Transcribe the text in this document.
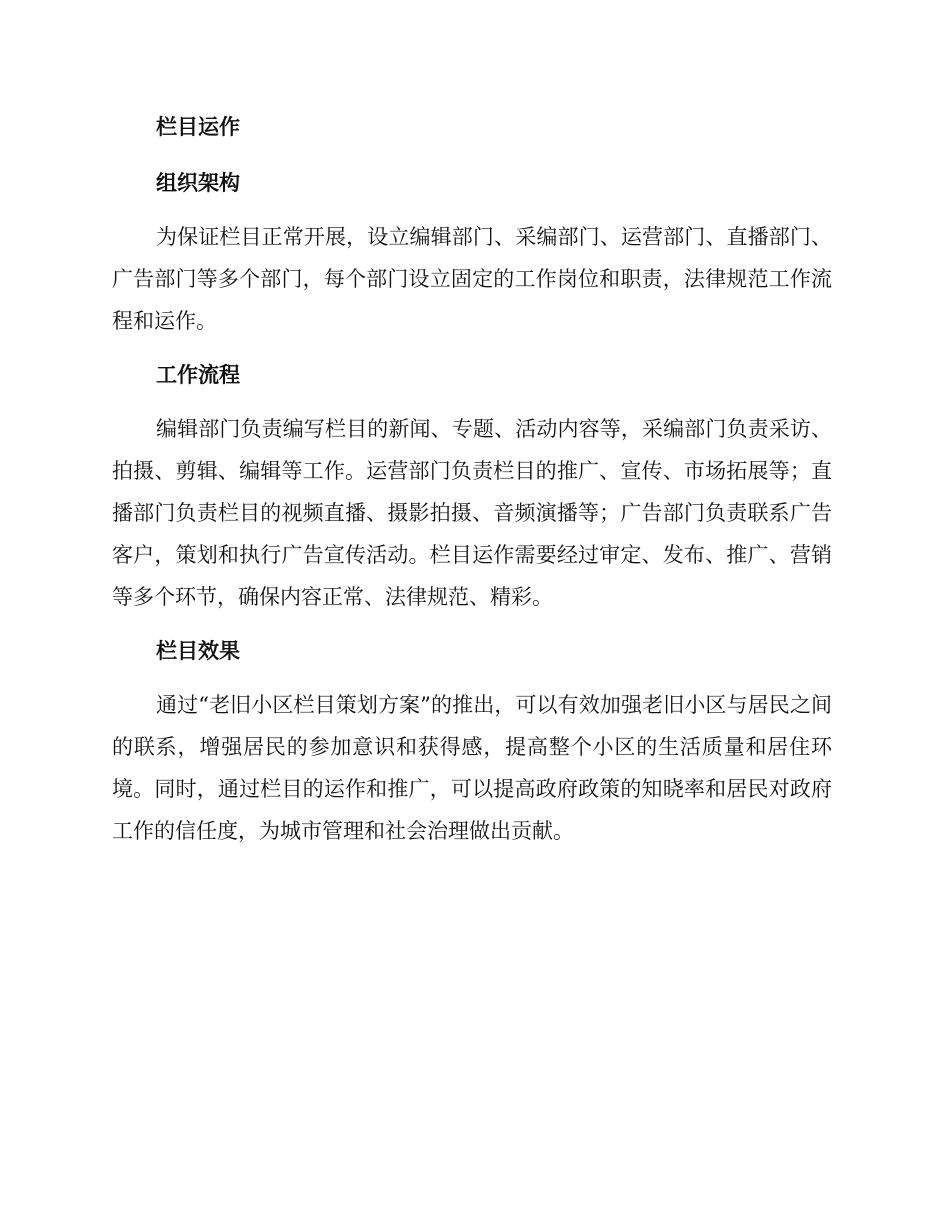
栏目运作
组织架构

为保证栏目正常开展，设立编辑部门、采编部门、运营部门、直播部门、广告部门等多个部门，每个部门设立固定的工作岗位和职责，法律规范工作流程和运作。

工作流程

编辑部门负责编写栏目的新闻、专题、活动内容等，采编部门负责采访、拍摄、剪辑、编辑等工作。运营部门负责栏目的推广、宣传、市场拓展等；直播部门负责栏目的视频直播、摄影拍摄、音频演播等；广告部门负责联系广告客户，策划和执行广告宣传活动。栏目运作需要经过审定、发布、推广、营销等多个环节，确保内容正常、法律规范、精彩。

栏目效果

通过“老旧小区栏目策划方案”的推出，可以有效加强老旧小区与居民之间的联系，增强居民的参加意识和获得感，提高整个小区的生活质量和居住环境。同时，通过栏目的运作和推广，可以提高政府政策的知晓率和居民对政府工作的信任度，为城市管理和社会治理做出贡献。
